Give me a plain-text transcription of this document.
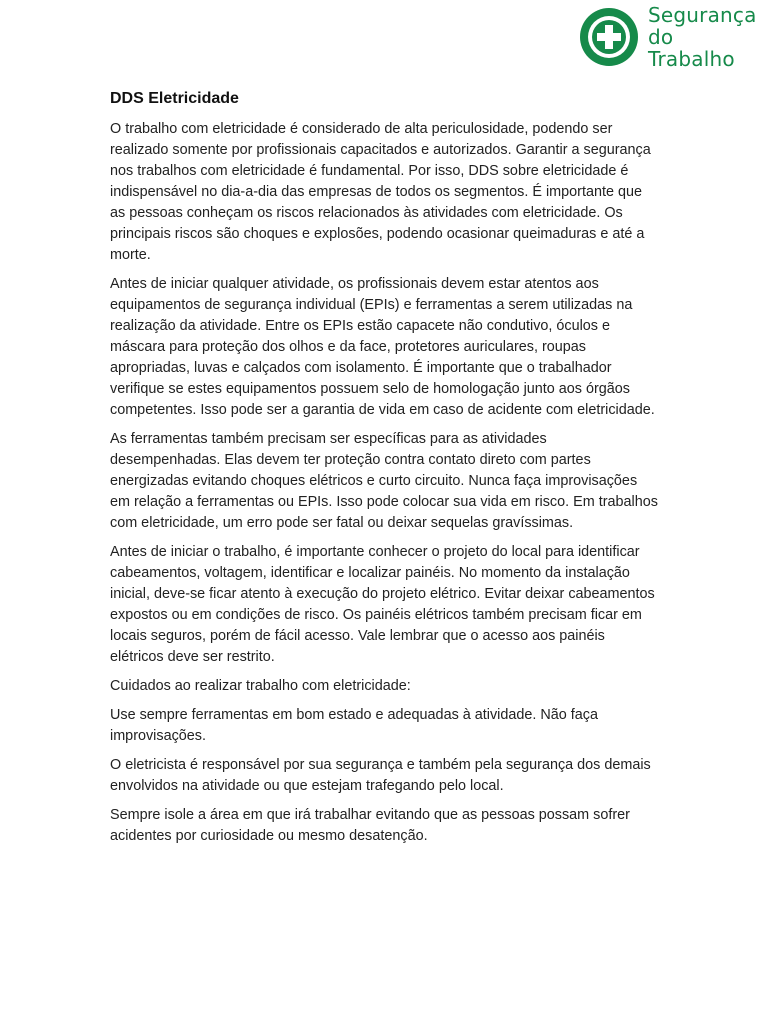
Segurança
do Trabalho
DDS Eletricidade

O trabalho com eletricidade é considerado de alta periculosidade, podendo ser realizado somente por profissionais capacitados e autorizados. Garantir a segurança nos trabalhos com eletricidade é fundamental. Por isso, DDS sobre eletricidade é indispensável no dia-a-dia das empresas de todos os segmentos. É importante que as pessoas conheçam os riscos relacionados às atividades com eletricidade. Os principais riscos são choques e explosões, podendo ocasionar queimaduras e até a morte.

Antes de iniciar qualquer atividade, os profissionais devem estar atentos aos equipamentos de segurança individual (EPIs) e ferramentas a serem utilizadas na realização da atividade. Entre os EPIs estão capacete não condutivo, óculos e máscara para proteção dos olhos e da face, protetores auriculares, roupas apropriadas, luvas e calçados com isolamento. É importante que o trabalhador verifique se estes equipamentos possuem selo de homologação junto aos órgãos competentes. Isso pode ser a garantia de vida em caso de acidente com eletricidade.

As ferramentas também precisam ser específicas para as atividades desempenhadas. Elas devem ter proteção contra contato direto com partes energizadas evitando choques elétricos e curto circuito. Nunca faça improvisações em relação a ferramentas ou EPIs. Isso pode colocar sua vida em risco. Em trabalhos com eletricidade, um erro pode ser fatal ou deixar sequelas gravíssimas.

Antes de iniciar o trabalho, é importante conhecer o projeto do local para identificar cabeamentos, voltagem, identificar e localizar painéis. No momento da instalação inicial, deve-se ficar atento à execução do projeto elétrico. Evitar deixar cabeamentos expostos ou em condições de risco. Os painéis elétricos também precisam ficar em locais seguros, porém de fácil acesso. Vale lembrar que o acesso aos painéis elétricos deve ser restrito.

Cuidados ao realizar trabalho com eletricidade:

Use sempre ferramentas em bom estado e adequadas à atividade. Não faça improvisações.

O eletricista é responsável por sua segurança e também pela segurança dos demais envolvidos na atividade ou que estejam trafegando pelo local.

Sempre isole a área em que irá trabalhar evitando que as pessoas possam sofrer acidentes por curiosidade ou mesmo desatenção.
